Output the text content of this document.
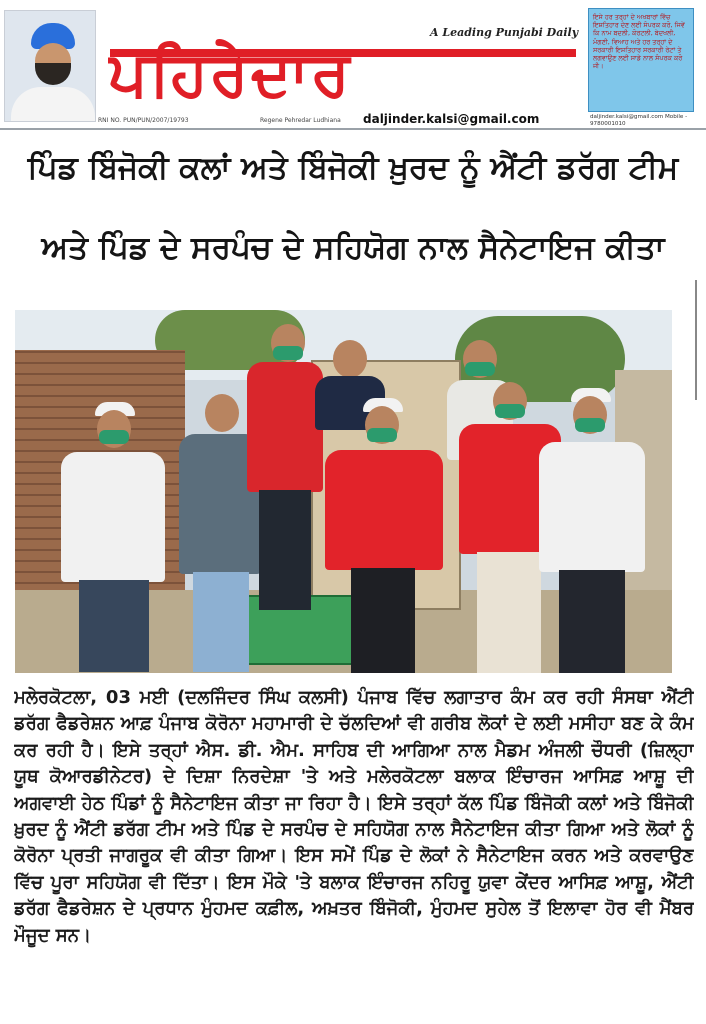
A Leading Punjabi Daily
ਪਹਿਰੇਦਾਰ
ਇਸੇ ਹਰ ਤਰ੍ਹਾਂ ਦੇ ਅਖਬਾਰਾਂ ਵਿੱਚ ਇਸ਼ਤਿਹਾਰ ਦੇਣ ਲਈ ਸੰਪਰਕ ਕਰੋ, ਜਿਵੇਂ ਕਿ ਨਾਮ ਬਦਲੀ, ਕੋਰਟਲੀ, ਬੇਦਖਲੀ, ਮੰਗਣੀ, ਵਿਆਹ ਅਤੇ ਹਰ ਤਰ੍ਹਾਂ ਦੇ ਸਰਕਾਰੀ ਇਸ਼ਤਿਹਾਰ ਸਰਕਾਰੀ ਰੇਟਾਂ ਤੇ ਲਗਵਾਉਣ ਲਈ ਸਾਡੇ ਨਾਲ ਸੰਪਰਕ ਕਰੋ ਜੀ।
RNI NO. PUN/PUN/2007/19793	Regene Pehredar Ludhiana daljinder.kalsi@gmail.com	daljinder.kalsi@gmail.com Mobile - 9780001010
ਪਿੰਡ ਬਿੰਜੋਕੀ ਕਲਾਂ ਅਤੇ ਬਿੰਜੋਕੀ ਖ਼ੁਰਦ ਨੂੰ ਐਂਟੀ ਡਰੱਗ ਟੀਮ
ਅਤੇ ਪਿੰਡ ਦੇ ਸਰਪੰਚ ਦੇ ਸਹਿਯੋਗ ਨਾਲ ਸੈਨੇਟਾਇਜ ਕੀਤਾ
ਮਲੇਰਕੋਟਲਾ, 03 ਮਈ (ਦਲਜਿੰਦਰ ਸਿੰਘ ਕਲਸੀ) ਪੰਜਾਬ ਵਿੱਚ ਲਗਾਤਾਰ ਕੰਮ ਕਰ ਰਹੀ ਸੰਸਥਾ ਐਂਟੀ ਡਰੱਗ ਫੈਡਰੇਸ਼ਨ ਆਫ਼ ਪੰਜਾਬ ਕੋਰੋਨਾ ਮਹਾਮਾਰੀ ਦੇ ਚੱਲਦਿਆਂ ਵੀ ਗਰੀਬ ਲੋਕਾਂ ਦੇ ਲਈ ਮਸੀਹਾ ਬਣ ਕੇ ਕੰਮ ਕਰ ਰਹੀ ਹੈ। ਇਸੇ ਤਰ੍ਹਾਂ ਐਸ. ਡੀ. ਐਮ. ਸਾਹਿਬ ਦੀ ਆਗਿਆ ਨਾਲ ਮੈਡਮ ਅੰਜਲੀ ਚੌਧਰੀ (ਜ਼ਿਲ੍ਹਾ ਯੂਥ ਕੋਆਰਡੀਨੇਟਰ) ਦੇ ਦਿਸ਼ਾ ਨਿਰਦੇਸ਼ਾ 'ਤੇ ਅਤੇ ਮਲੇਰਕੋਟਲਾ ਬਲਾਕ ਇੰਚਾਰਜ ਆਸਿਫ਼ ਆਸ਼ੂ ਦੀ ਅਗਵਾਈ ਹੇਠ ਪਿੰਡਾਂ ਨੂੰ ਸੈਨੇਟਾਇਜ ਕੀਤਾ ਜਾ ਰਿਹਾ ਹੈ। ਇਸੇ ਤਰ੍ਹਾਂ ਕੱਲ ਪਿੰਡ ਬਿੰਜੋਕੀ ਕਲਾਂ ਅਤੇ ਬਿੰਜੋਕੀ ਖ਼ੁਰਦ ਨੂੰ ਐਂਟੀ ਡਰੱਗ ਟੀਮ ਅਤੇ ਪਿੰਡ ਦੇ ਸਰਪੰਚ ਦੇ ਸਹਿਯੋਗ ਨਾਲ ਸੈਨੇਟਾਇਜ ਕੀਤਾ ਗਿਆ ਅਤੇ ਲੋਕਾਂ ਨੂੰ ਕੋਰੋਨਾ ਪ੍ਰਤੀ ਜਾਗਰੂਕ ਵੀ ਕੀਤਾ ਗਿਆ। ਇਸ ਸਮੇਂ ਪਿੰਡ ਦੇ ਲੋਕਾਂ ਨੇ ਸੈਨੇਟਾਇਜ ਕਰਨ ਅਤੇ ਕਰਵਾਉਣ ਵਿੱਚ ਪੂਰਾ ਸਹਿਯੋਗ ਵੀ ਦਿੱਤਾ। ਇਸ ਮੌਕੇ 'ਤੇ ਬਲਾਕ ਇੰਚਾਰਜ ਨਹਿਰੂ ਯੁਵਾ ਕੇਂਦਰ ਆਸਿਫ਼ ਆਸ਼ੂ, ਐਂਟੀ ਡਰੱਗ ਫੈਡਰੇਸ਼ਨ ਦੇ ਪ੍ਰਧਾਨ ਮੁੰਹਮਦ ਕਫ਼ੀਲ, ਅਖ਼ਤਰ ਬਿੰਜੋਕੀ, ਮੁੰਹਮਦ ਸੁਹੇਲ ਤੋਂ ਇਲਾਵਾ ਹੋਰ ਵੀ ਮੈਂਬਰ ਮੌਜੂਦ ਸਨ।
